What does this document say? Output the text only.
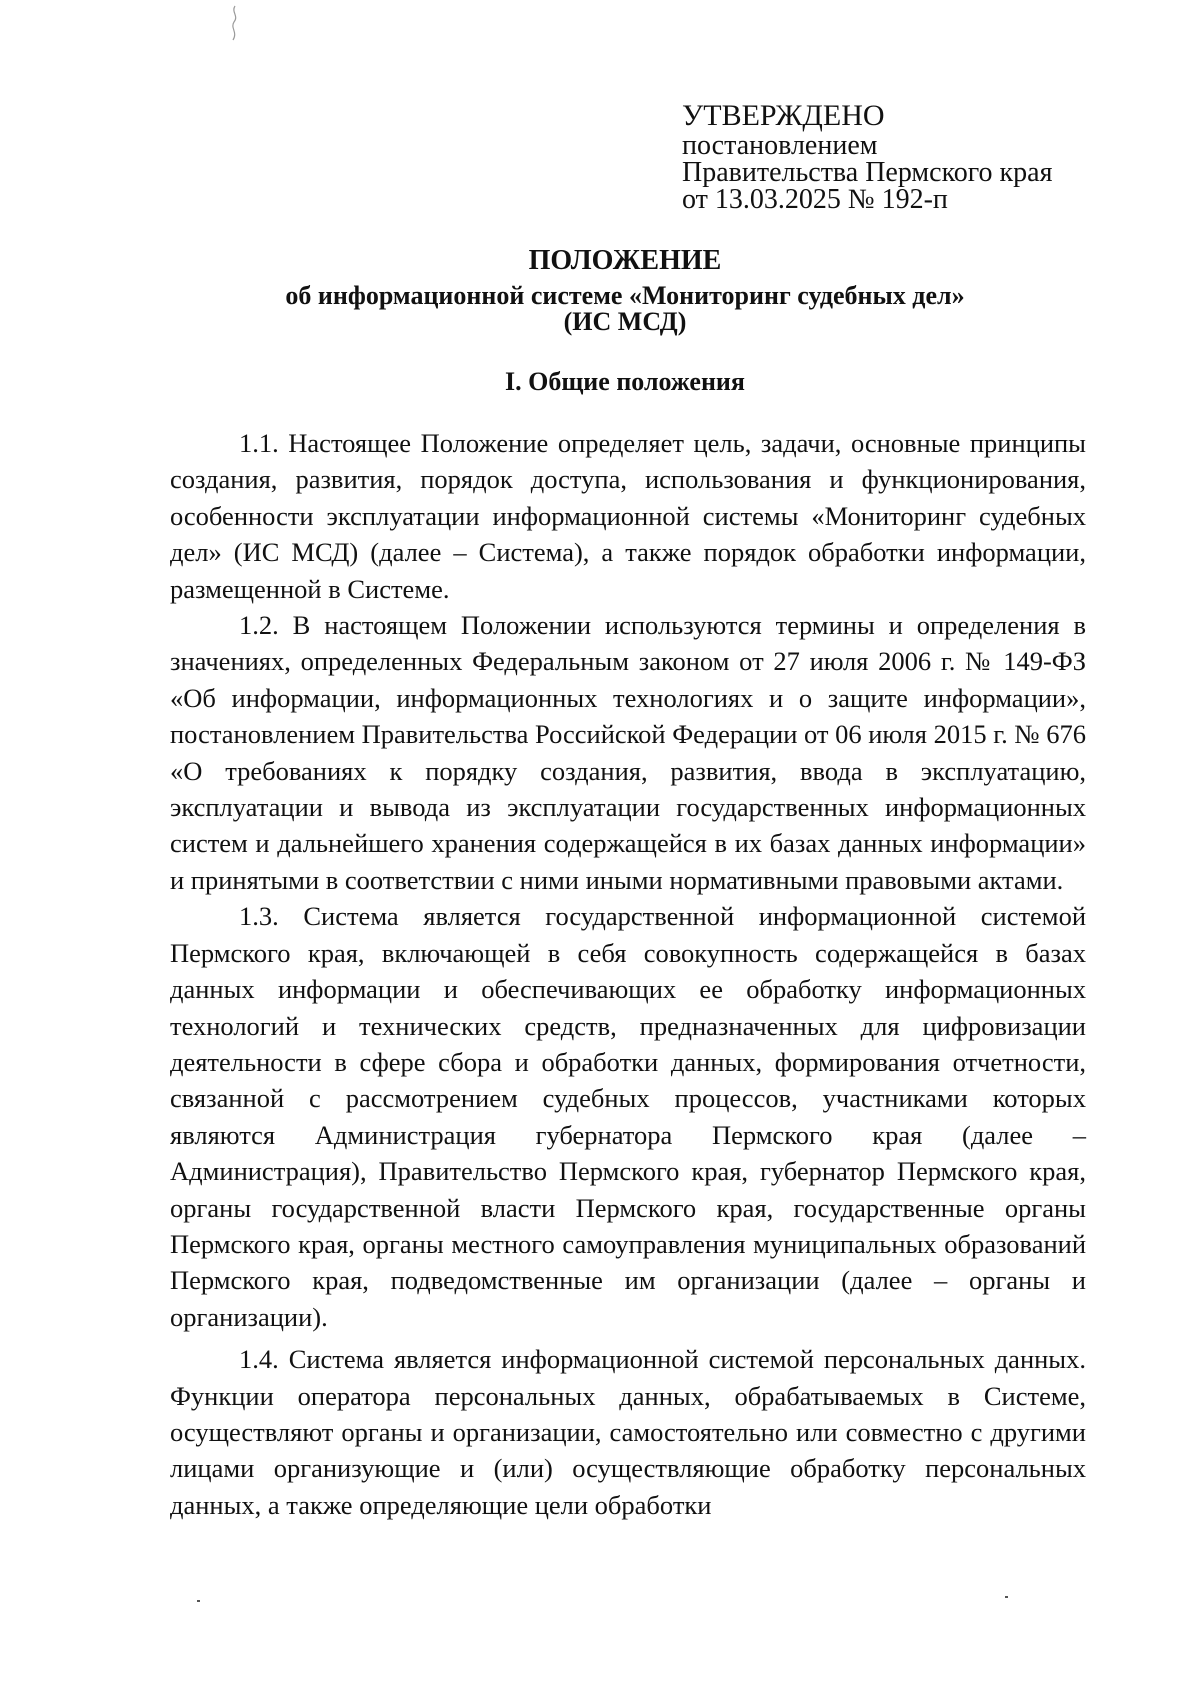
УТВЕРЖДЕНО
постановлением
Правительства Пермского края
от 13.03.2025 № 192-п
ПОЛОЖЕНИЕ
об информационной системе «Мониторинг судебных дел»
(ИС МСД)
I. Общие положения

1.1. Настоящее Положение определяет цель, задачи, основные принципы создания, развития, порядок доступа, использования и функционирования, особенности эксплуатации информационной системы «Мониторинг судебных дел» (ИС МСД) (далее – Система), а также порядок обработки информации, размещенной в Системе.

1.2. В настоящем Положении используются термины и определения в значениях, определенных Федеральным законом от 27 июля 2006 г. № 149-ФЗ «Об информации, информационных технологиях и о защите информации», постановлением Правительства Российской Федерации от 06 июля 2015 г. № 676 «О требованиях к порядку создания, развития, ввода в эксплуатацию, эксплуатации и вывода из эксплуатации государственных информационных систем и дальнейшего хранения содержащейся в их базах данных информации» и принятыми в соответствии с ними иными нормативными правовыми актами.

1.3. Система является государственной информационной системой Пермского края, включающей в себя совокупность содержащейся в базах данных информации и обеспечивающих ее обработку информационных технологий и технических средств, предназначенных для цифровизации деятельности в сфере сбора и обработки данных, формирования отчетности, связанной с рассмотрением судебных процессов, участниками которых являются Администрация губернатора Пермского края (далее – Администрация), Правительство Пермского края, губернатор Пермского края, органы государственной власти Пермского края, государственные органы Пермского края, органы местного самоуправления муниципальных образований Пермского края, подведомственные им организации (далее – органы и организации).

1.4. Система является информационной системой персональных данных. Функции оператора персональных данных, обрабатываемых в Системе, осуществляют органы и организации, самостоятельно или совместно с другими лицами организующие и (или) осуществляющие обработку персональных данных, а также определяющие цели обработки
